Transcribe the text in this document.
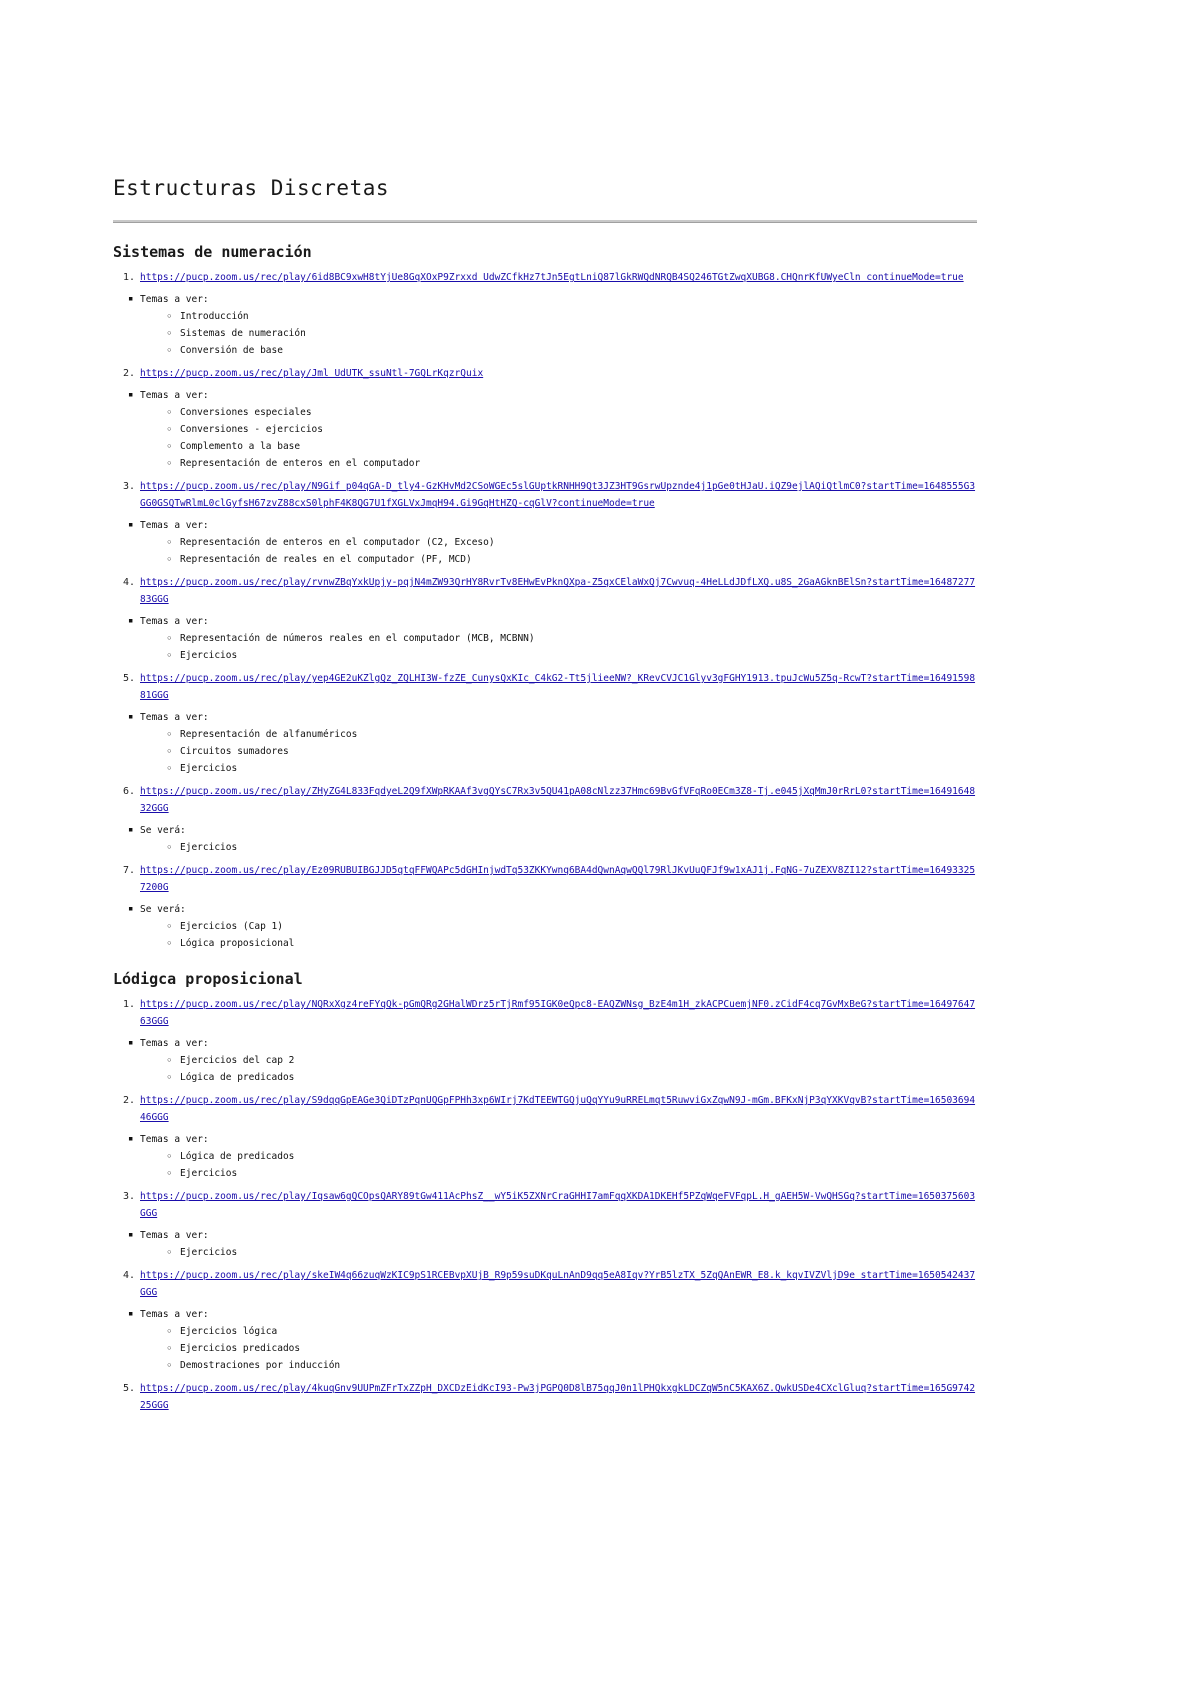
Estructuras Discretas
Sistemas de numeración
1. https://pucp.zoom.us/rec/play/6id8BC9xwH8tYjUe8GqXOxP9Zrxxd UdwZCfkHz7tJn5EgtLniQ87lGkRWQdNRQB4SQ246TGtZwqXUBG8.CHQnrKfUWyeCln continueMode=true
▪ Temas a ver:
◦ Introducción
◦ Sistemas de numeración
◦ Conversión de base
2. https://pucp.zoom.us/rec/play/Jml UdUTK_ssuNtl-7GQLrKqzrQuix
▪ Temas a ver:
◦ Conversiones especiales
◦ Conversiones - ejercicios
◦ Complemento a la base
◦ Representación de enteros en el computador
3. https://pucp.zoom.us/rec/play/N9Gif p04qGA-D_tly4-GzKHvMd2CSoWGEc5slGUptkRNHH9Qt3JZ3HT9GsrwUpznde4j1pGe0tHJaU.iQZ9ejlAQiQtlmC0?startTime=1648555G3GG0GSQTwRlmL0clGyfsH67zvZ88cxS0lphF4K8QG7U1fXGLVxJmqH94.Gi9GqHtHZQ-cqGlV?continueMode=true
▪ Temas a ver:
◦ Representación de enteros en el computador (C2, Exceso)
◦ Representación de reales en el computador (PF, MCD)
4. https://pucp.zoom.us/rec/play/rvnwZBqYxkUpjy-pqjN4mZW93QrHY8RvrTv8EHwEvPknQXpa-Z5qxCElaWxQj7Cwvuq-4HeLLdJDfLXQ.u8S_2GaAGknBElSn?startTime=1648727783GGG
▪ Temas a ver:
◦ Representación de números reales en el computador (MCB, MCBNN)
◦ Ejercicios
5. https://pucp.zoom.us/rec/play/yep4GE2uKZlgQz_ZQLHI3W-fzZE_CunysQxKIc_C4kG2-Tt5jlieeNW?_KRevCVJC1Glyv3gFGHY1913.tpuJcWu5Z5q-RcwT?startTime=1649159881GGG
▪ Temas a ver:
◦ Representación de alfanuméricos
◦ Circuitos sumadores
◦ Ejercicios
6. https://pucp.zoom.us/rec/play/ZHyZG4L833FqdyeL2Q9fXWpRKAAf3vgQYsC7Rx3v5QU41pA08cNlzz37Hmc69BvGfVFqRo0ECm3Z8-Tj.e045jXqMmJ0rRrL0?startTime=1649164832GGG
▪ Se verá:
◦ Ejercicios
7. https://pucp.zoom.us/rec/play/Ez09RUBUIBGJJD5qtqFFWQAPc5dGHInjwdTq53ZKKYwnq6BA4dQwnAqwQQl79RlJKvUuQFJf9w1xAJ1j.FqNG-7uZEXV8ZI12?startTime=164933257200G
▪ Se verá:
◦ Ejercicios (Cap 1)
◦ Lógica proposicional
Lódigca proposicional
1. https://pucp.zoom.us/rec/play/NQRxXgz4reFYqQk-pGmQRg2GHalWDrz5rTjRmf95IGK0eQpc8-EAQZWNsg_BzE4m1H_zkACPCuemjNF0.zCidF4cq7GvMxBeG?startTime=1649764763GGG
▪ Temas a ver:
◦ Ejercicios del cap 2
◦ Lógica de predicados
2. https://pucp.zoom.us/rec/play/S9dqqGpEAGe3QiDTzPqnUQGpFPHh3xp6WIrj7KdTEEWTGQjuQqYYu9uRRELmqt5RuwviGxZqwN9J-mGm.BFKxNjP3qYXKVqvB?startTime=1650369446GGG
▪ Temas a ver:
◦ Lógica de predicados
◦ Ejercicios
3. https://pucp.zoom.us/rec/play/Iqsaw6gQCOpsQARY89tGw411AcPhsZ__wY5iK5ZXNrCraGHHI7amFqqXKDA1DKEHf5PZqWqeFVFqpL.H_gAEH5W-VwQHSGq?startTime=1650375603GGG
▪ Temas a ver:
◦ Ejercicios
4. https://pucp.zoom.us/rec/play/skeIW4q66zuqWzKIC9pS1RCEBvpXUjB_R9p59suDKquLnAnD9qq5eA8Iqv?YrB5lzTX_5ZqQAnEWR_E8.k_kqvIVZVljD9e startTime=1650542437GGG
▪ Temas a ver:
◦ Ejercicios lógica
◦ Ejercicios predicados
◦ Demostraciones por inducción
5. https://pucp.zoom.us/rec/play/4kuqGnv9UUPmZFrTxZZpH_DXCDzEidKcI93-Pw3jPGPQ0D8lB75qqJ0n1lPHQkxgkLDCZqW5nC5KAX6Z.QwkUSDe4CXclGluq?startTime=165G974225GGG
